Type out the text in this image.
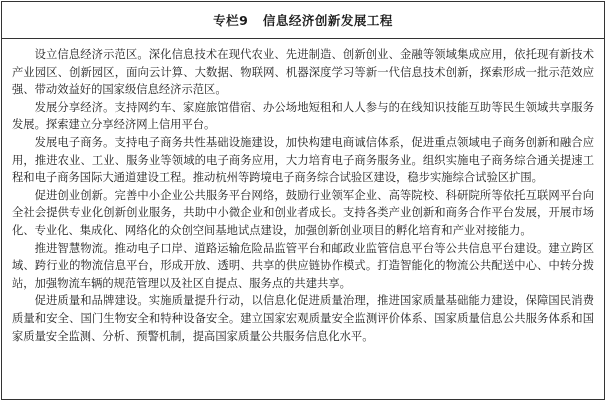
专栏9   信息经济创新发展工程

设立信息经济示范区。深化信息技术在现代农业、先进制造、创新创业、金融等领域集成应用，依托现有新技术产业园区、创新园区，面向云计算、大数据、物联网、机器深度学习等新一代信息技术创新，探索形成一批示范效应强、带动效益好的国家级信息经济示范区。

发展分享经济。支持网约车、家庭旅馆借宿、办公场地短租和人人参与的在线知识技能互助等民生领域共享服务发展。探索建立分享经济网上信用平台。

发展电子商务。支持电子商务共性基础设施建设，加快构建电商诚信体系，促进重点领域电子商务创新和融合应用，推进农业、工业、服务业等领域的电子商务应用，大力培育电子商务服务业。组织实施电子商务综合通关提速工程和电子商务国际大通道建设工程。推动杭州等跨境电子商务综合试验区建设，稳步实施综合试验区扩围。

促进创业创新。完善中小企业公共服务平台网络，鼓励行业领军企业、高等院校、科研院所等依托互联网平台向全社会提供专业化创新创业服务，共助中小微企业和创业者成长。支持各类产业创新和商务合作平台发展，开展市场化、专业化、集成化、网络化的众创空间基地试点建设，加强创新创业项目的孵化培育和产业对接能力。

推进智慧物流。推动电子口岸、道路运输危险品监管平台和邮政业监管信息平台等公共信息平台建设。建立跨区域、跨行业的物流信息平台，形成开放、透明、共享的供应链协作模式。打造智能化的物流公共配送中心、中转分拨站，加强物流车辆的规范管理以及社区自提点、服务点的共建共享。

促进质量和品牌建设。实施质量提升行动，以信息化促进质量治理，推进国家质量基础能力建设，保障国民消费质量和安全、国门生物安全和特种设备安全。建立国家宏观质量安全监测评价体系、国家质量信息公共服务体系和国家质量安全监测、分析、预警机制，提高国家质量公共服务信息化水平。
